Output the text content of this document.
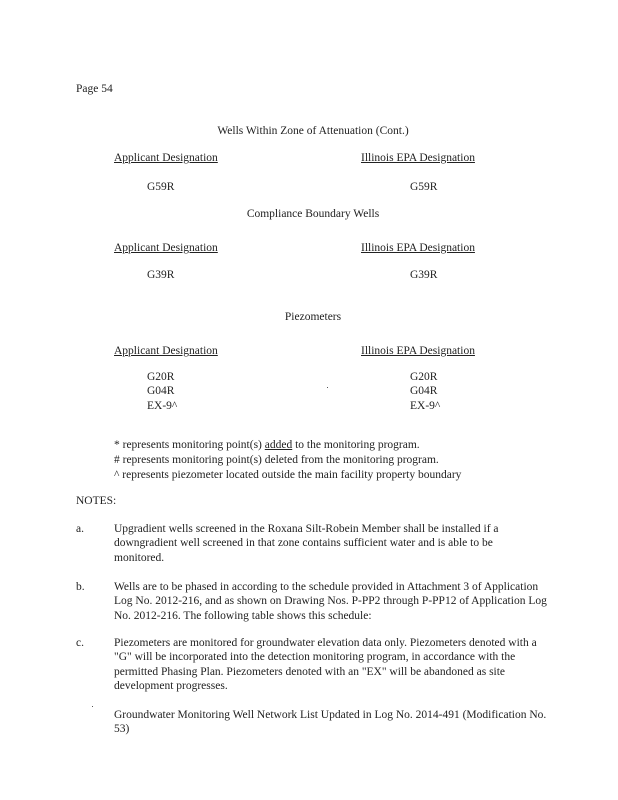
Page 54
Wells Within Zone of Attenuation (Cont.)
Applicant Designation	Illinois EPA Designation
G59R	G59R
Compliance Boundary Wells
Applicant Designation	Illinois EPA Designation
G39R	G39R
Piezometers
Applicant Designation	Illinois EPA Designation
G20R	G20R
G04R	G04R
EX-9^	EX-9^
* represents monitoring point(s) added to the monitoring program.
# represents monitoring point(s) deleted from the monitoring program.
^ represents piezometer located outside the main facility property boundary
NOTES:
a.	Upgradient wells screened in the Roxana Silt-Robein Member shall be installed if a downgradient well screened in that zone contains sufficient water and is able to be monitored.
b.	Wells are to be phased in according to the schedule provided in Attachment 3 of Application Log No. 2012-216, and as shown on Drawing Nos. P-PP2 through P-PP12 of Application Log No. 2012-216. The following table shows this schedule:
c.	Piezometers are monitored for groundwater elevation data only. Piezometers denoted with a "G" will be incorporated into the detection monitoring program, in accordance with the permitted Phasing Plan. Piezometers denoted with an "EX" will be abandoned as site development progresses.
Groundwater Monitoring Well Network List Updated in Log No. 2014-491 (Modification No. 53)
